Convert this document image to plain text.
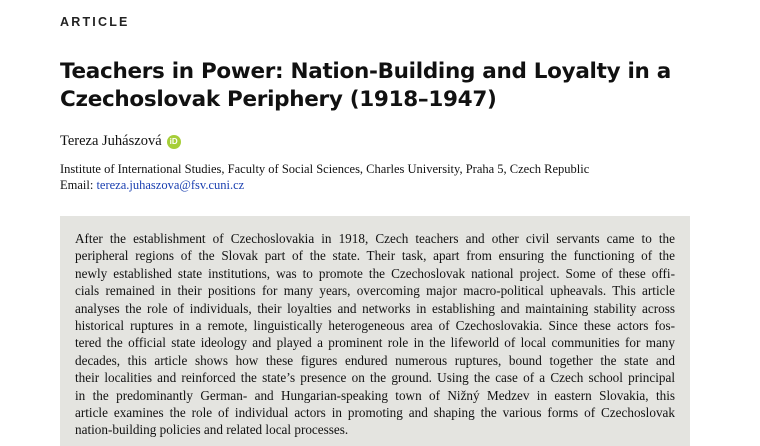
ARTICLE
Teachers in Power: Nation-Building and Loyalty in a
Czechoslovak Periphery (1918–1947)
Tereza Juhászová	iD
Institute of International Studies, Faculty of Social Sciences, Charles University, Praha 5, Czech Republic
Email: tereza.juhaszova@fsv.cuni.cz
After the establishment of Czechoslovakia in 1918, Czech teachers and other civil servants came to the
peripheral regions of the Slovak part of the state. Their task, apart from ensuring the functioning of the
newly established state institutions, was to promote the Czechoslovak national project. Some of these offi-
cials remained in their positions for many years, overcoming major macro-political upheavals. This article
analyses the role of individuals, their loyalties and networks in establishing and maintaining stability across
historical ruptures in a remote, linguistically heterogeneous area of Czechoslovakia. Since these actors fos-
tered the official state ideology and played a prominent role in the lifeworld of local communities for many
decades, this article shows how these figures endured numerous ruptures, bound together the state and
their localities and reinforced the state’s presence on the ground. Using the case of a Czech school principal
in the predominantly German- and Hungarian-speaking town of Nižný Medzev in eastern Slovakia, this
article examines the role of individual actors in promoting and shaping the various forms of Czechoslovak
nation-building policies and related local processes.
